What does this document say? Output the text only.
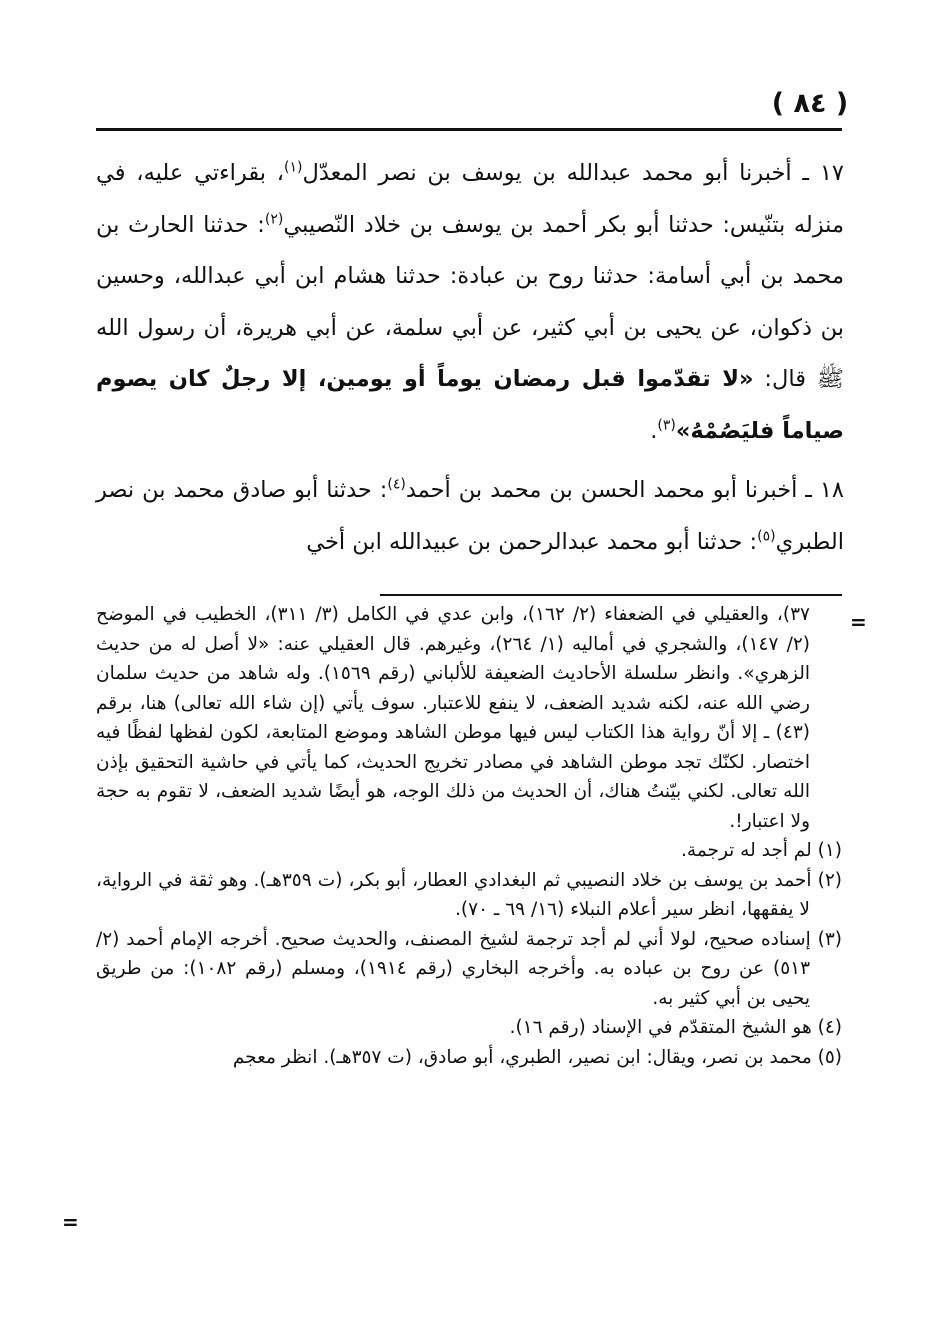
( ٨٤ )

١٧ ـ أخبرنا أبو محمد عبدالله بن يوسف بن نصر المعدّل$^{(١)}$، بقراءتي عليه، في منزله بتنّيس: حدثنا أبو بكر أحمد بن يوسف بن خلاد النّصيبي$^{(٢)}$: حدثنا الحارث بن محمد بن أبي أسامة: حدثنا روح بن عبادة: حدثنا هشام ابن أبي عبدالله، وحسين بن ذكوان، عن يحيى بن أبي كثير، عن أبي سلمة، عن أبي هريرة، أن رسول الله ﷺ قال: «لا تقدّموا قبل رمضان يوماً أو يومين، إلا رجلٌ كان يصوم صياماً فليَصُمْهُ»$^{(٣)}$.

١٨ ـ أخبرنا أبو محمد الحسن بن محمد بن أحمد$^{(٤)}$: حدثنا أبو صادق محمد بن نصر الطبري$^{(٥)}$: حدثنا أبو محمد عبدالرحمن بن عبيدالله ابن أخي

=

٣٧)، والعقيلي في الضعفاء (٢/ ١٦٢)، وابن عدي في الكامل (٣/ ٣١١)، الخطيب في الموضح (٢/ ١٤٧)، والشجري في أماليه (١/ ٢٦٤)، وغيرهم. قال العقيلي عنه: «لا أصل له من حديث الزهري». وانظر سلسلة الأحاديث الضعيفة للألباني (رقم ١٥٦٩). وله شاهد من حديث سلمان رضي الله عنه، لكنه شديد الضعف، لا ينفع للاعتبار. سوف يأتي (إن شاء الله تعالى) هنا، برقم (٤٣) ـ إلا أنّ رواية هذا الكتاب ليس فيها موطن الشاهد وموضع المتابعة، لكون لفظها لفظًا فيه اختصار. لكنّك تجد موطن الشاهد في مصادر تخريج الحديث، كما يأتي في حاشية التحقيق بإذن الله تعالى. لكني بيّنتُ هناك، أن الحديث من ذلك الوجه، هو أيضًا شديد الضعف، لا تقوم به حجة ولا اعتبار!.

(١) لم أجد له ترجمة.

(٢) أحمد بن يوسف بن خلاد النصيبي ثم البغدادي العطار، أبو بكر، (ت ٣٥٩هـ). وهو ثقة في الرواية، لا يفقهها، انظر سير أعلام النبلاء (١٦/ ٦٩ ـ ٧٠).

(٣) إسناده صحيح، لولا أني لم أجد ترجمة لشيخ المصنف، والحديث صحيح. أخرجه الإمام أحمد (٢/ ٥١٣) عن روح بن عباده به. وأخرجه البخاري (رقم ١٩١٤)، ومسلم (رقم ١٠٨٢): من طريق يحيى بن أبي كثير به.

(٤) هو الشيخ المتقدّم في الإسناد (رقم ١٦).

(٥) محمد بن نصر، ويقال: ابن نصير، الطبري، أبو صادق، (ت ٣٥٧هـ). انظر معجم

=
